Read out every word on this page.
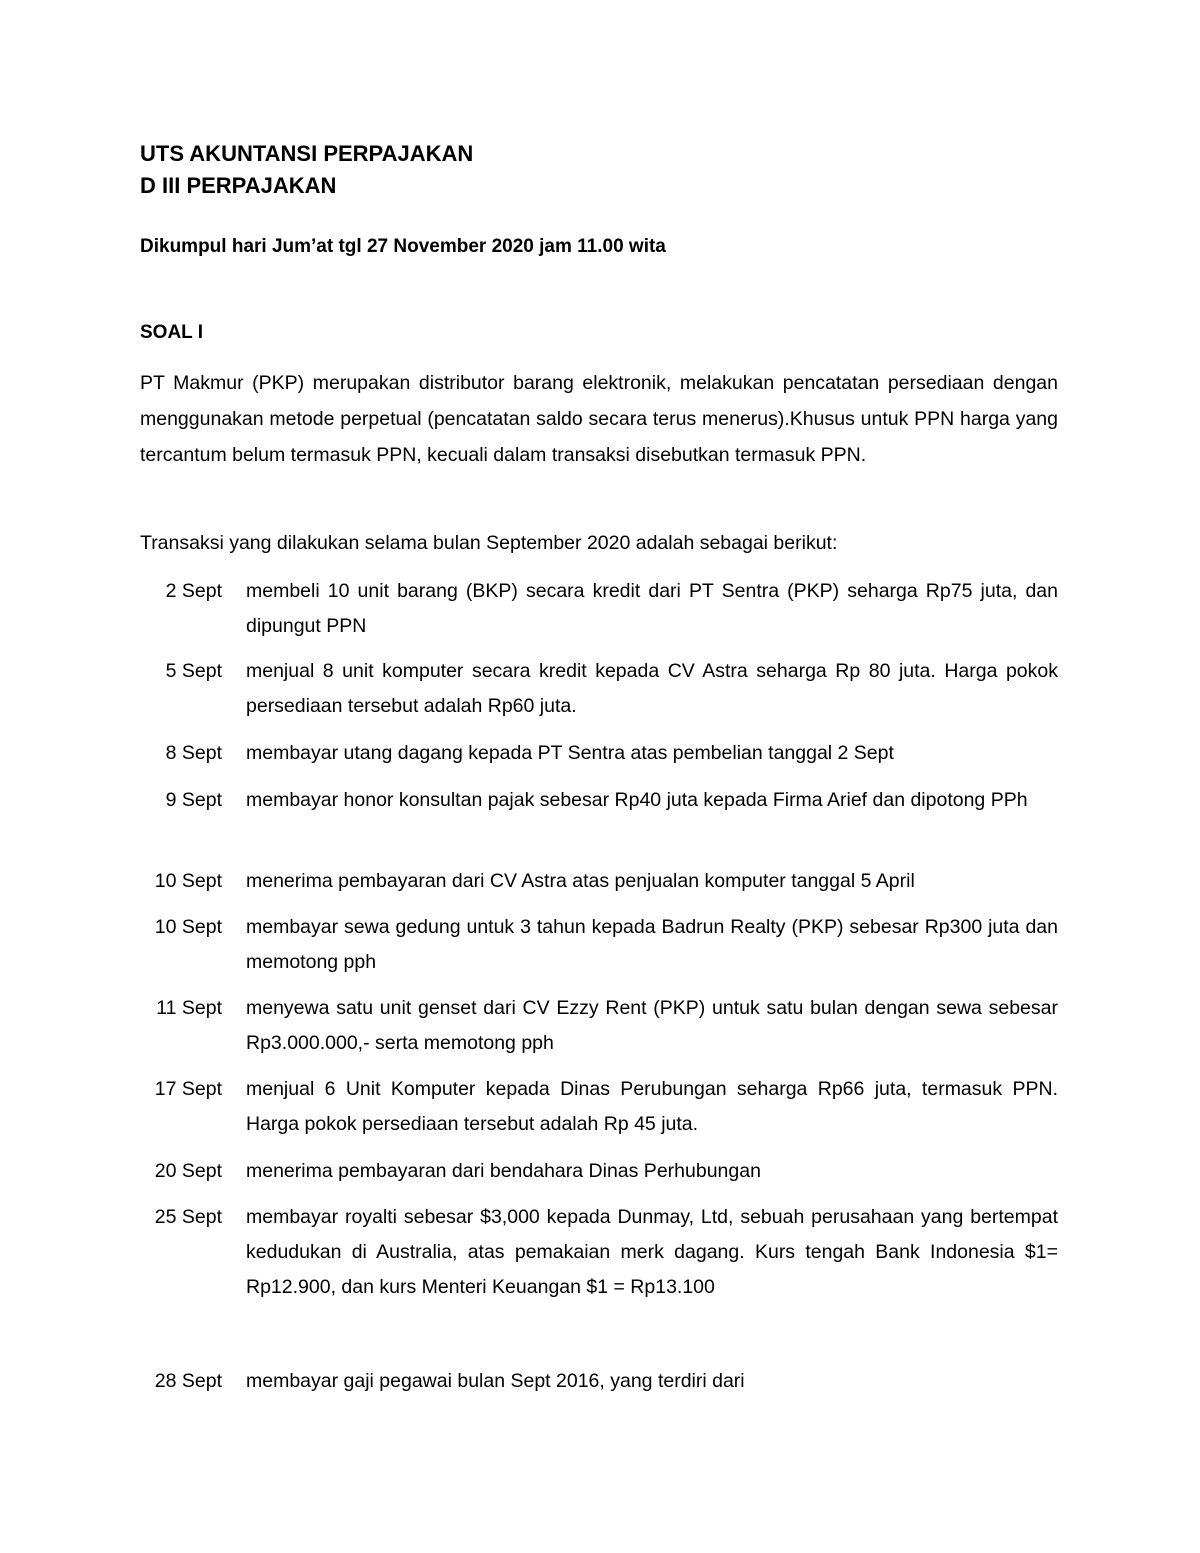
UTS AKUNTANSI PERPAJAKAN
D III PERPAJAKAN
Dikumpul hari Jum’at tgl 27 November 2020 jam 11.00 wita
SOAL I

PT Makmur (PKP) merupakan distributor barang elektronik, melakukan pencatatan persediaan dengan menggunakan metode perpetual (pencatatan saldo secara terus menerus).Khusus untuk PPN harga yang tercantum belum termasuk PPN, kecuali dalam transaksi disebutkan termasuk PPN.

Transaksi yang dilakukan selama bulan September 2020 adalah sebagai berikut:

2 Sept membeli 10 unit barang (BKP) secara kredit dari PT Sentra (PKP) seharga Rp75 juta, dan dipungut PPN
5 Sept menjual 8 unit komputer secara kredit kepada CV Astra seharga Rp 80 juta. Harga pokok persediaan tersebut adalah Rp60 juta.
8 Sept membayar utang dagang kepada PT Sentra atas pembelian tanggal 2 Sept
9 Sept membayar honor konsultan pajak sebesar Rp40 juta kepada Firma Arief dan dipotong PPh
10 Sept menerima pembayaran dari CV Astra atas penjualan komputer tanggal 5 April
10 Sept membayar sewa gedung untuk 3 tahun kepada Badrun Realty (PKP) sebesar Rp300 juta dan memotong pph
11 Sept menyewa satu unit genset dari CV Ezzy Rent (PKP) untuk satu bulan dengan sewa sebesar Rp3.000.000,- serta memotong pph
17 Sept menjual 6 Unit Komputer kepada Dinas Perubungan seharga Rp66 juta, termasuk PPN. Harga pokok persediaan tersebut adalah Rp 45 juta.
20 Sept menerima pembayaran dari bendahara Dinas Perhubungan
25 Sept membayar royalti sebesar $3,000 kepada Dunmay, Ltd, sebuah perusahaan yang bertempat kedudukan di Australia, atas pemakaian merk dagang. Kurs tengah Bank Indonesia $1= Rp12.900, dan kurs Menteri Keuangan $1 = Rp13.100
28 Sept membayar gaji pegawai bulan Sept 2016, yang terdiri dari
